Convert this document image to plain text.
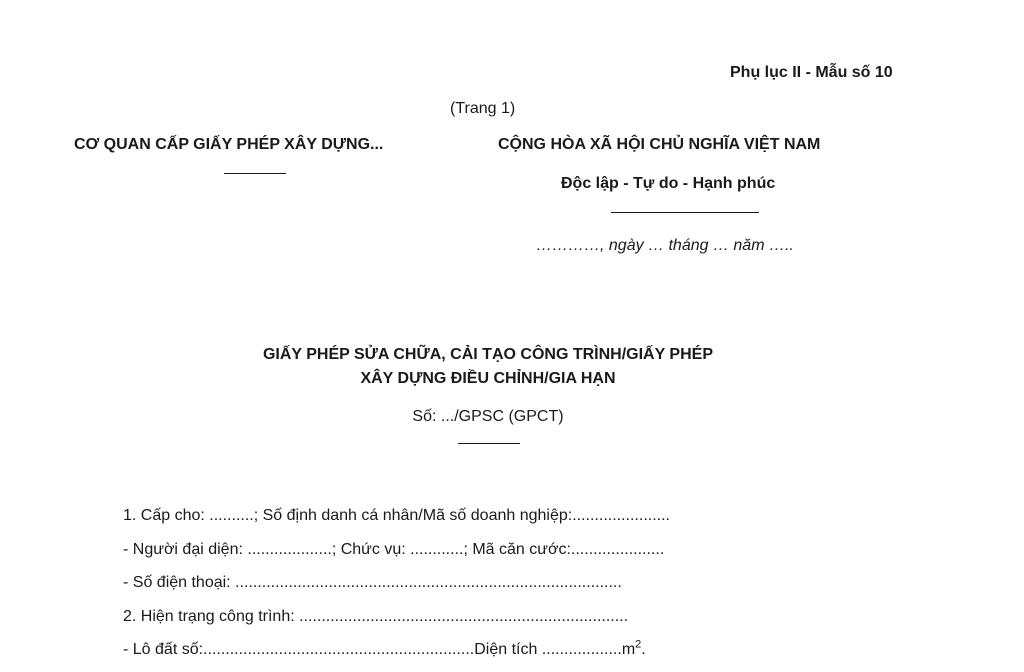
Phụ lục II - Mẫu số 10
(Trang 1)
CƠ QUAN CẤP GIẤY PHÉP XÂY DỰNG...	CỘNG HÒA XÃ HỘI CHỦ NGHĨA VIỆT NAM
Độc lập - Tự do - Hạnh phúc
…………, ngày … tháng … năm …..
GIẤY PHÉP SỬA CHỮA, CẢI TẠO CÔNG TRÌNH/GIẤY PHÉP
XÂY DỰNG ĐIỀU CHỈNH/GIA HẠN
Số: .../GPSC (GPCT)
1. Cấp cho: ..........; Số định danh cá nhân/Mã số doanh nghiệp:......................
- Người đại diện: ...................; Chức vụ: ............; Mã căn cước:.....................
- Số điện thoại: .......................................................................................
2. Hiện trạng công trình: ..........................................................................
- Lô đất số:.............................................................Diện tích $..................m^2$.
